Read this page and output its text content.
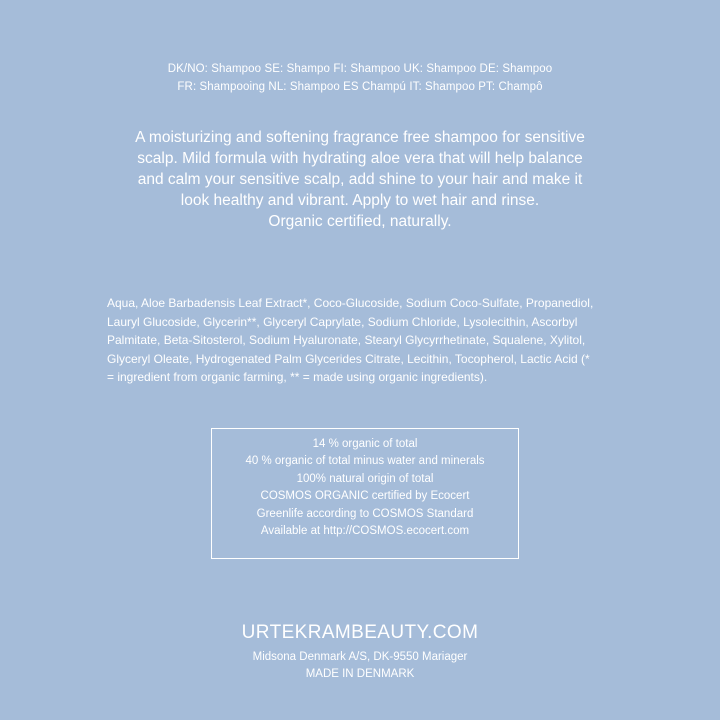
DK/NO: Shampoo SE: Shampo FI: Shampoo UK: Shampoo DE: Shampoo
FR: Shampooing NL: Shampoo ES Champú IT: Shampoo PT: Champô
A moisturizing and softening fragrance free shampoo for sensitive
scalp. Mild formula with hydrating aloe vera that will help balance
and calm your sensitive scalp, add shine to your hair and make it
look healthy and vibrant. Apply to wet hair and rinse.
Organic certified, naturally.
Aqua, Aloe Barbadensis Leaf Extract*, Coco-Glucoside, Sodium Coco-Sulfate, Propanediol,
Lauryl Glucoside, Glycerin**, Glyceryl Caprylate, Sodium Chloride, Lysolecithin, Ascorbyl
Palmitate, Beta-Sitosterol, Sodium Hyaluronate, Stearyl Glycyrrhetinate, Squalene, Xylitol,
Glyceryl Oleate, Hydrogenated Palm Glycerides Citrate, Lecithin, Tocopherol, Lactic Acid (*
= ingredient from organic farming, ** = made using organic ingredients).
14 % organic of total
40 % organic of total minus water and minerals
100% natural origin of total
COSMOS ORGANIC certified by Ecocert
Greenlife according to COSMOS Standard
Available at http://COSMOS.ecocert.com
URTEKRAMBEAUTY.COM
Midsona Denmark A/S, DK-9550 Mariager
MADE IN DENMARK
